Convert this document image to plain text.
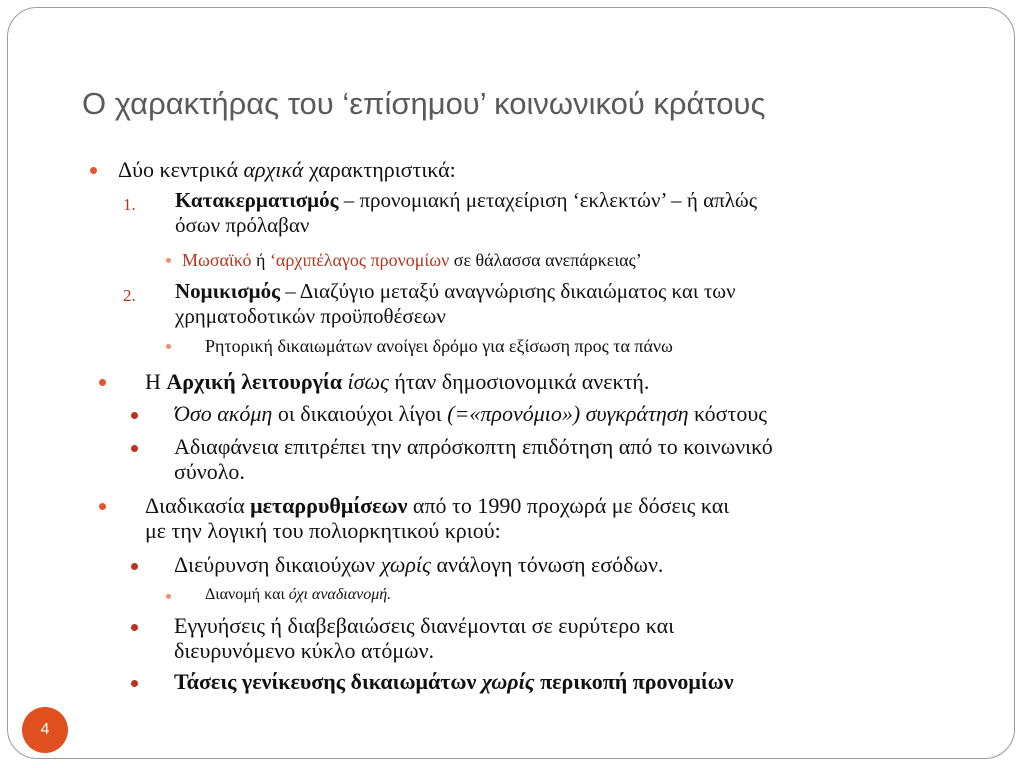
Ο χαρακτήρας του ‘επίσημου’ κοινωνικού κράτους

Δύο κεντρικά αρχικά χαρακτηριστικά:

1. Κατακερματισμός – προνομιακή μεταχείριση ‘εκλεκτών’ – ή απλώς

όσων πρόλαβαν

Μωσαϊκό ή ‘αρχιπέλαγος προνομίων σε θάλασσα ανεπάρκειας’

2. Νομικισμός – Διαζύγιο μεταξύ αναγνώρισης δικαιώματος και των

χρηματοδοτικών προϋποθέσεων

Ρητορική δικαιωμάτων ανοίγει δρόμο για εξίσωση προς τα πάνω

Η Αρχική λειτουργία ίσως ήταν δημοσιονομικά ανεκτή.

Όσο ακόμη οι δικαιούχοι λίγοι (=«προνόμιο») συγκράτηση κόστους

Αδιαφάνεια επιτρέπει την απρόσκοπτη επιδότηση από το κοινωνικό

σύνολο.

Διαδικασία μεταρρυθμίσεων από το 1990 προχωρά με δόσεις και

με την λογική του πολιορκητικού κριού:

Διεύρυνση δικαιούχων χωρίς ανάλογη τόνωση εσόδων.

Διανομή και όχι αναδιανομή.

Εγγυήσεις ή διαβεβαιώσεις διανέμονται σε ευρύτερο και

διευρυνόμενο κύκλο ατόμων.

Τάσεις γενίκευσης δικαιωμάτων χωρίς περικοπή προνομίων

4
